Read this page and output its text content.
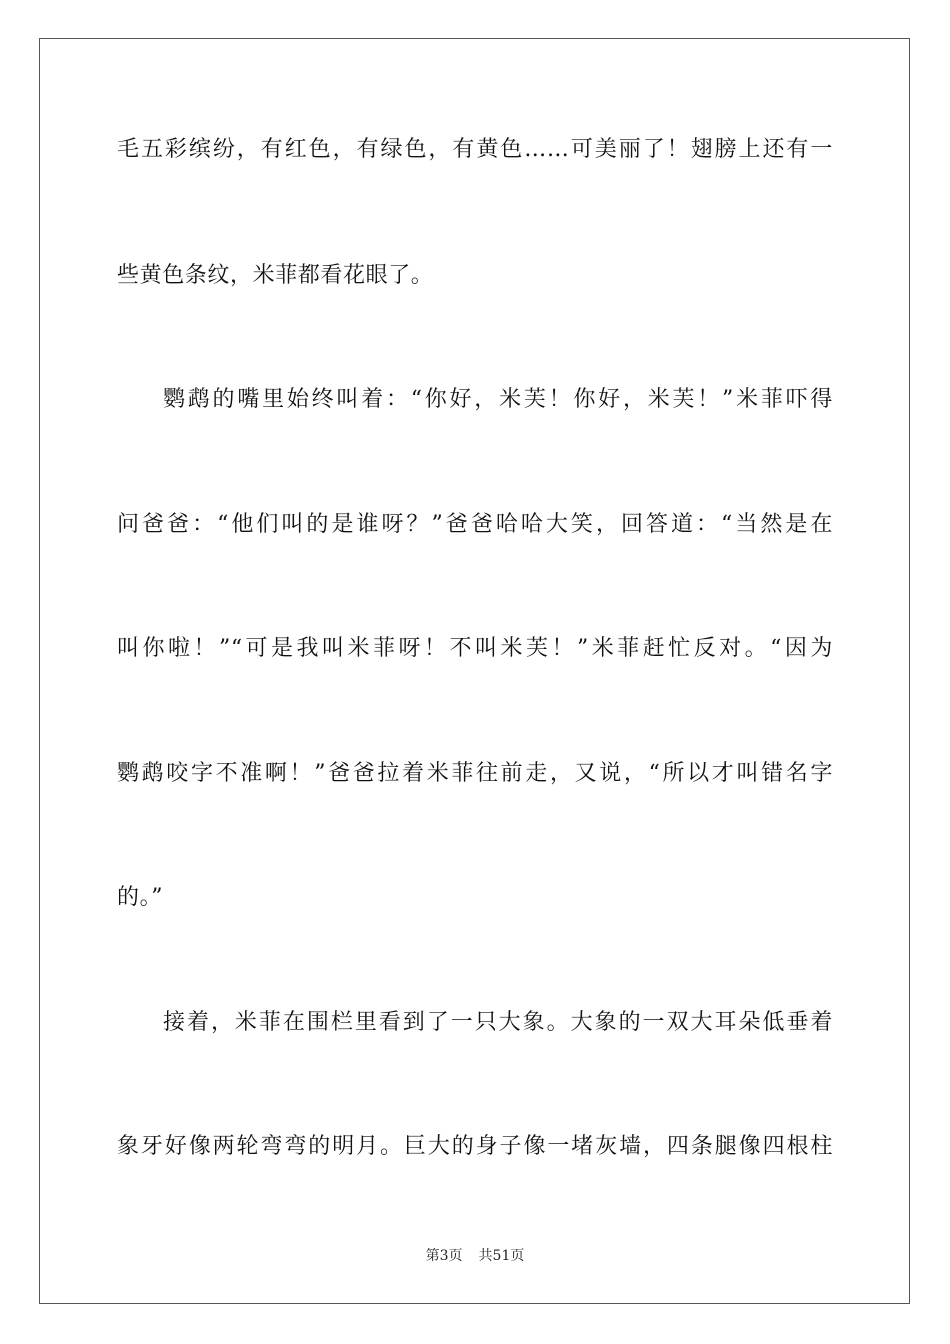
毛五彩缤纷，有红色，有绿色，有黄色……可美丽了！翅膀上还有一
些黄色条纹，米菲都看花眼了。
鹦鹉的嘴里始终叫着：“你好，米芙！你好，米芙！”米菲吓得
问爸爸：“他们叫的是谁呀？”爸爸哈哈大笑，回答道：“当然是在
叫你啦！”“可是我叫米菲呀！不叫米芙！”米菲赶忙反对。“因为
鹦鹉咬字不准啊！”爸爸拉着米菲往前走，又说，“所以才叫错名字
的。”
接着，米菲在围栏里看到了一只大象。大象的一双大耳朵低垂着
象牙好像两轮弯弯的明月。巨大的身子像一堵灰墙，四条腿像四根柱
第3页 共51页
